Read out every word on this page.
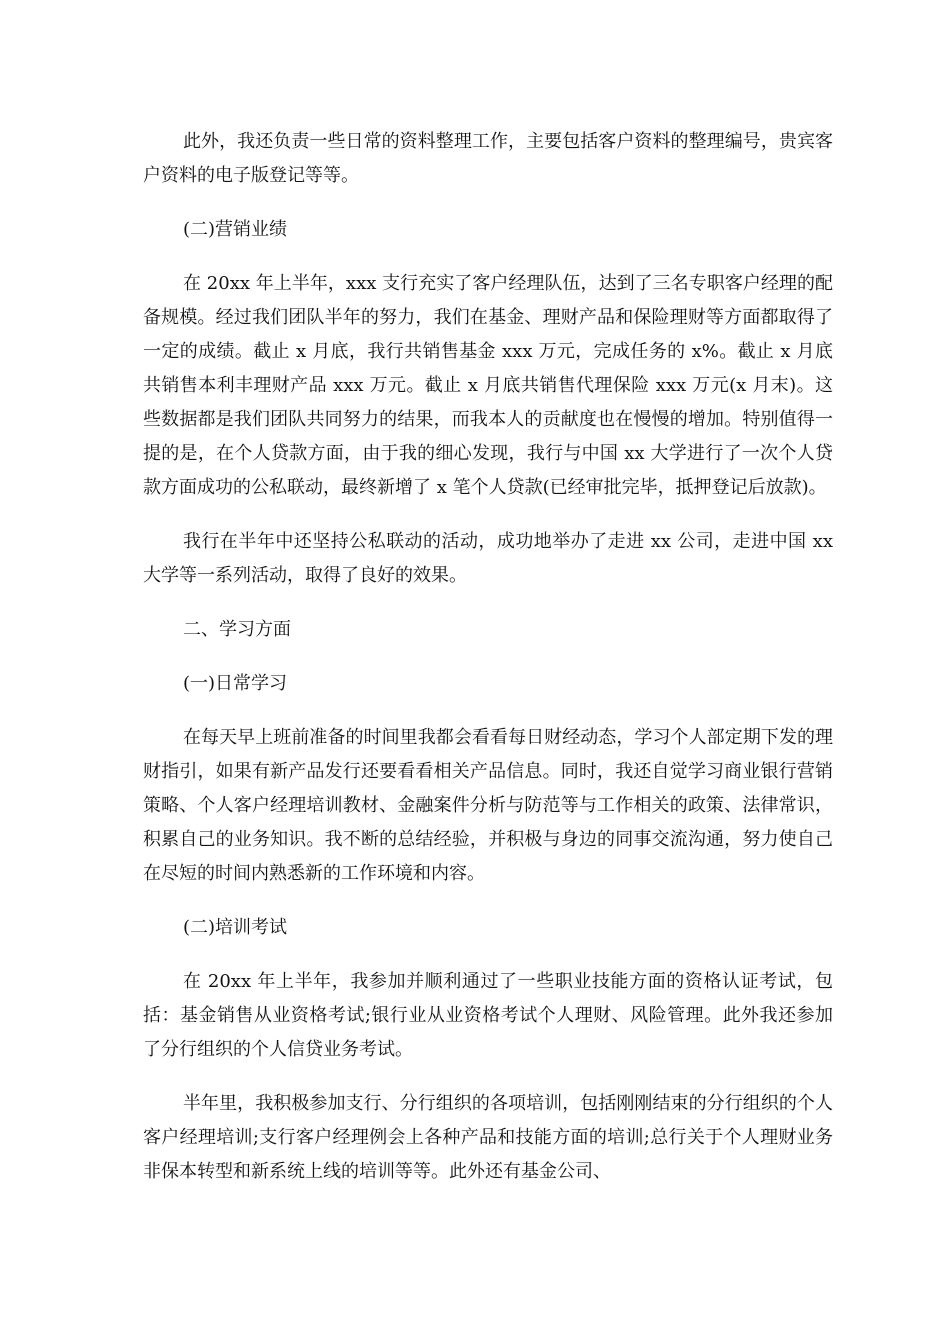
此外，我还负责一些日常的资料整理工作，主要包括客户资料的整理编号，贵宾客户资料的电子版登记等等。

(二)营销业绩

在 20xx 年上半年，xxx 支行充实了客户经理队伍，达到了三名专职客户经理的配备规模。经过我们团队半年的努力，我们在基金、理财产品和保险理财等方面都取得了一定的成绩。截止 x 月底，我行共销售基金 xxx 万元，完成任务的 x%。截止 x 月底共销售本利丰理财产品 xxx 万元。截止 x 月底共销售代理保险 xxx 万元(x 月末)。这些数据都是我们团队共同努力的结果，而我本人的贡献度也在慢慢的增加。特别值得一提的是，在个人贷款方面，由于我的细心发现，我行与中国 xx 大学进行了一次个人贷款方面成功的公私联动，最终新增了 x 笔个人贷款(已经审批完毕，抵押登记后放款)。

我行在半年中还坚持公私联动的活动，成功地举办了走进 xx 公司，走进中国 xx 大学等一系列活动，取得了良好的效果。

二、学习方面

(一)日常学习

在每天早上班前准备的时间里我都会看看每日财经动态，学习个人部定期下发的理财指引，如果有新产品发行还要看看相关产品信息。同时，我还自觉学习商业银行营销策略、个人客户经理培训教材、金融案件分析与防范等与工作相关的政策、法律常识，积累自己的业务知识。我不断的总结经验，并积极与身边的同事交流沟通，努力使自己在尽短的时间内熟悉新的工作环境和内容。

(二)培训考试

在 20xx 年上半年，我参加并顺利通过了一些职业技能方面的资格认证考试，包括：基金销售从业资格考试;银行业从业资格考试个人理财、风险管理。此外我还参加了分行组织的个人信贷业务考试。

半年里，我积极参加支行、分行组织的各项培训，包括刚刚结束的分行组织的个人客户经理培训;支行客户经理例会上各种产品和技能方面的培训;总行关于个人理财业务非保本转型和新系统上线的培训等等。此外还有基金公司、
